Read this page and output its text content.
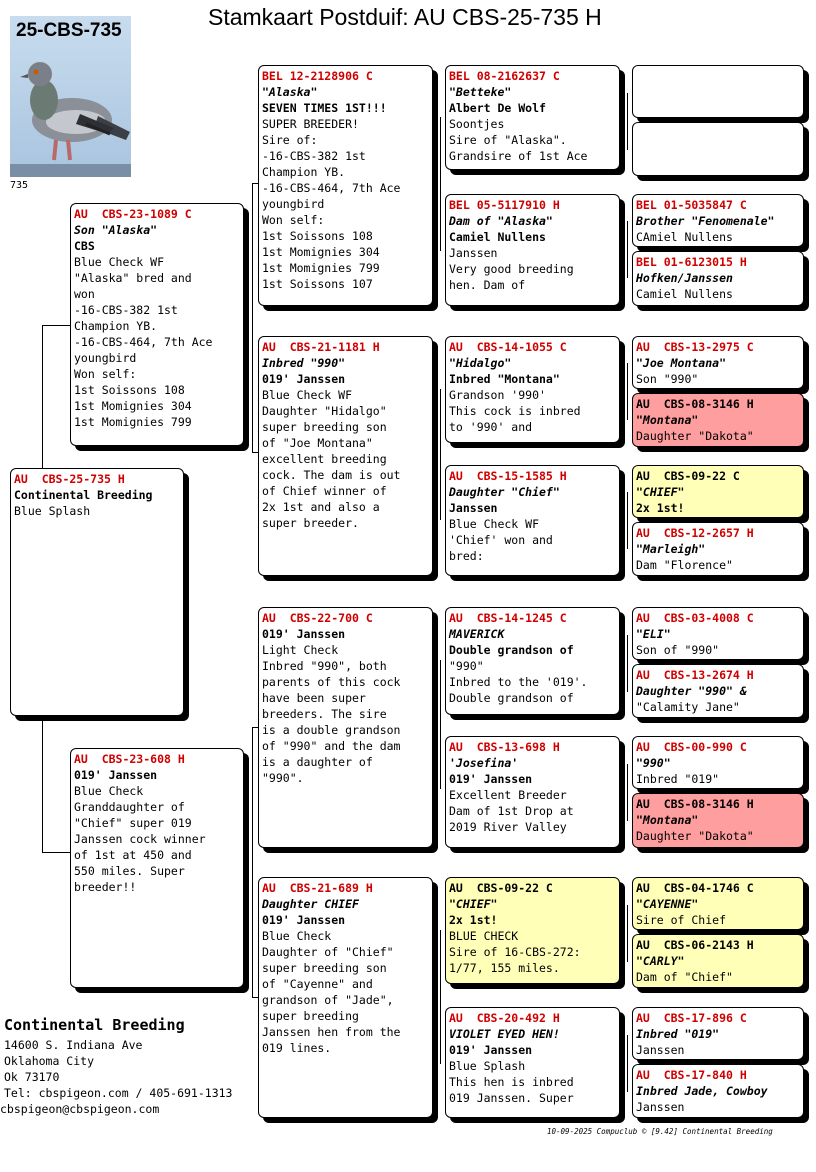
Stamkaart Postduif: AU CBS-25-735 H
25-CBS-735
735
AU  CBS-25-735 H
Continental Breeding
Blue Splash
AU  CBS-23-1089 C
Son "Alaska"
CBS
Blue Check WF
"Alaska" bred and
won
-16-CBS-382 1st
Champion YB.
-16-CBS-464, 7th Ace
youngbird
Won self:
1st Soissons 108
1st Momignies 304
1st Momignies 799
AU  CBS-23-608 H
019' Janssen
Blue Check
Granddaughter of
"Chief" super 019
Janssen cock winner
of 1st at 450 and
550 miles. Super
breeder!!
BEL 12-2128906 C
"Alaska"
SEVEN TIMES 1ST!!!
SUPER BREEDER!
Sire of:
-16-CBS-382 1st
Champion YB.
-16-CBS-464, 7th Ace
youngbird
Won self:
1st Soissons 108
1st Momignies 304
1st Momignies 799
1st Soissons 107
AU  CBS-21-1181 H
Inbred "990"
019' Janssen
Blue Check WF
Daughter "Hidalgo"
super breeding son
of "Joe Montana"
excellent breeding
cock. The dam is out
of Chief winner of
2x 1st and also a
super breeder.
AU  CBS-22-700 C
019' Janssen
Light Check
Inbred "990", both
parents of this cock
have been super
breeders. The sire
is a double grandson
of "990" and the dam
is a daughter of
"990".
AU  CBS-21-689 H
Daughter CHIEF
019' Janssen
Blue Check
Daughter of "Chief"
super breeding son
of "Cayenne" and
grandson of "Jade",
super breeding
Janssen hen from the
019 lines.
BEL 08-2162637 C
"Betteke"
Albert De Wolf
Soontjes
Sire of "Alaska".
Grandsire of 1st Ace
BEL 05-5117910 H
Dam of "Alaska"
Camiel Nullens
Janssen
Very good breeding
hen. Dam of
AU  CBS-14-1055 C
"Hidalgo"
Inbred "Montana"
Grandson '990'
This cock is inbred
to '990' and
AU  CBS-15-1585 H
Daughter "Chief"
Janssen
Blue Check WF
'Chief' won and
bred:
AU  CBS-14-1245 C
MAVERICK
Double grandson of
"990"
Inbred to the '019'.
Double grandson of
AU  CBS-13-698 H
'Josefina'
019' Janssen
Excellent Breeder
Dam of 1st Drop at
2019 River Valley
AU  CBS-09-22 C
"CHIEF"
2x 1st!
BLUE CHECK
Sire of 16-CBS-272:
1/77, 155 miles.
AU  CBS-20-492 H
VIOLET EYED HEN!
019' Janssen
Blue Splash
This hen is inbred
019 Janssen. Super
BEL 01-5035847 C
Brother "Fenomenale"
CAmiel Nullens
BEL 01-6123015 H
Hofken/Janssen
Camiel Nullens
AU  CBS-13-2975 C
"Joe Montana"
Son "990"
AU  CBS-08-3146 H
"Montana"
Daughter "Dakota"
AU  CBS-09-22 C
"CHIEF"
2x 1st!
AU  CBS-12-2657 H
"Marleigh"
Dam "Florence"
AU  CBS-03-4008 C
"ELI"
Son of "990"
AU  CBS-13-2674 H
Daughter "990" &
"Calamity Jane"
AU  CBS-00-990 C
"990"
Inbred "019"
AU  CBS-08-3146 H
"Montana"
Daughter "Dakota"
AU  CBS-04-1746 C
"CAYENNE"
Sire of Chief
AU  CBS-06-2143 H
"CARLY"
Dam of "Chief"
AU  CBS-17-896 C
Inbred "019"
Janssen
AU  CBS-17-840 H
Inbred Jade, Cowboy
Janssen
Continental Breeding
14600 S. Indiana Ave
Oklahoma City
Ok 73170
Tel: cbspigeon.com / 405-691-1313
cbspigeon@cbspigeon.com
10-09-2025 Compuclub © [9.42] Continental Breeding
